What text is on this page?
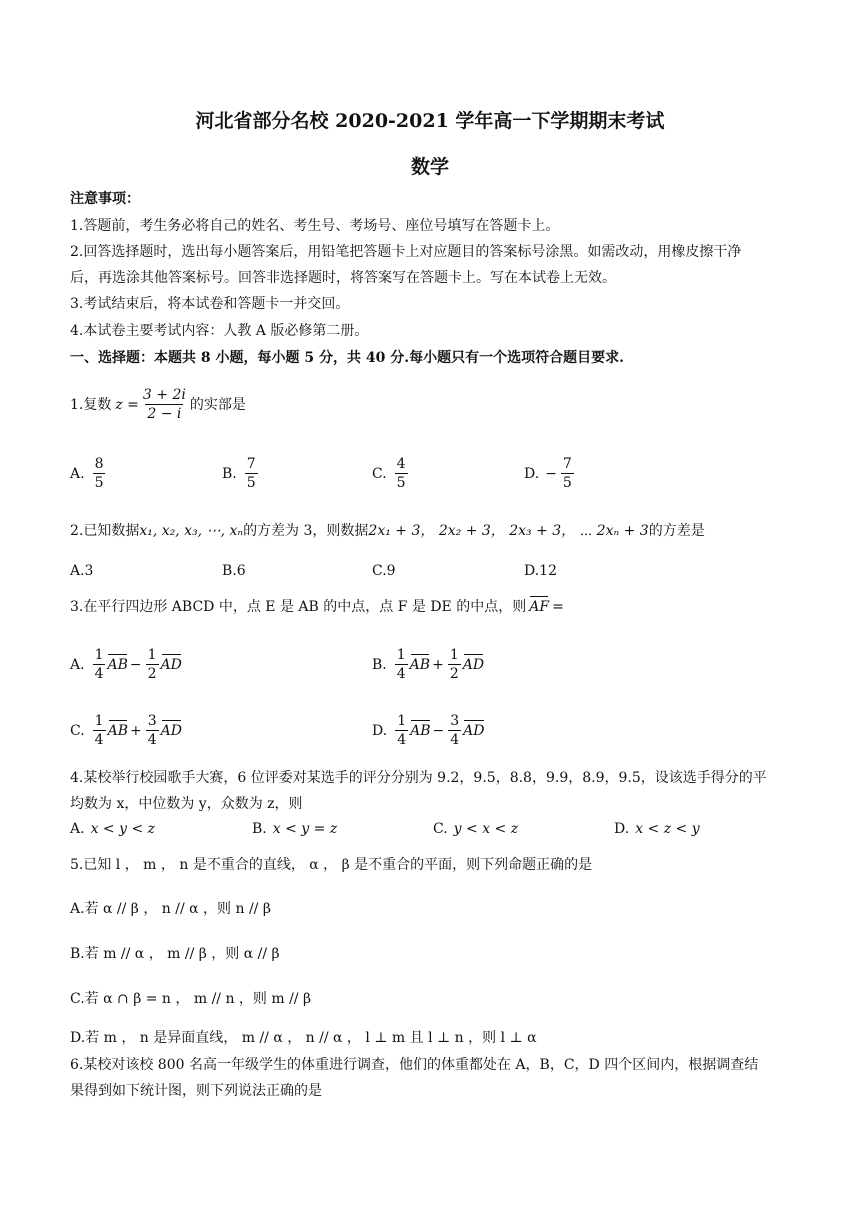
河北省部分名校 2020-2021 学年高一下学期期末考试
数学
注意事项：
1.答题前，考生务必将自己的姓名、考生号、考场号、座位号填写在答题卡上。
2.回答选择题时，选出每小题答案后，用铅笔把答题卡上对应题目的答案标号涂黑。如需改动，用橡皮擦干净
后，再选涂其他答案标号。回答非选择题时，将答案写在答题卡上。写在本试卷上无效。
3.考试结束后，将本试卷和答题卡一并交回。
4.本试卷主要考试内容：人教 A 版必修第二册。
一、选择题：本题共 8 小题，每小题 5 分，共 40 分.每小题只有一个选项符合题目要求.
1.复数 $z = \frac{3 + 2i}{2 - i}$ 的实部是
A. $\frac{8}{5}$	B. $\frac{7}{5}$	C. $\frac{4}{5}$	D. − $\frac{7}{5}$
2.已知数据x₁, x₂, x₃, ⋯, xₙ的方差为 3，则数据2x₁ + 3， 2x₂ + 3， 2x₃ + 3， ⋯ 2xₙ + 3的方差是
A.3	B.6	C.9	D.12
3.在平行四边形 ABCD 中，点 E 是 AB 的中点，点 F 是 DE 的中点，则 AF =
A. $\frac{1}{4}$ AB − $\frac{1}{2}$ AD	B. $\frac{1}{4}$ AB + $\frac{1}{2}$ AD
C. $\frac{1}{4}$ AB + $\frac{3}{4}$ AD	D. $\frac{1}{4}$ AB − $\frac{3}{4}$ AD
4.某校举行校园歌手大赛，6 位评委对某选手的评分分别为 9.2，9.5，8.8，9.9，8.9，9.5，设该选手得分的平
均数为 x，中位数为 y，众数为 z，则
A. x < y < z	B. x < y = z	C. y < x < z	D. x < z < y
5.已知 l ， m ， n 是不重合的直线， α ， β 是不重合的平面，则下列命题正确的是
A.若 α // β ， n // α ，则 n // β
B.若 m // α ， m // β ，则 α // β
C.若 α ∩ β = n ， m // n ，则 m // β
D.若 m ， n 是异面直线， m // α ， n // α ， l ⊥ m 且 l ⊥ n ，则 l ⊥ α
6.某校对该校 800 名高一年级学生的体重进行调查，他们的体重都处在 A，B，C，D 四个区间内，根据调查结
果得到如下统计图，则下列说法正确的是
